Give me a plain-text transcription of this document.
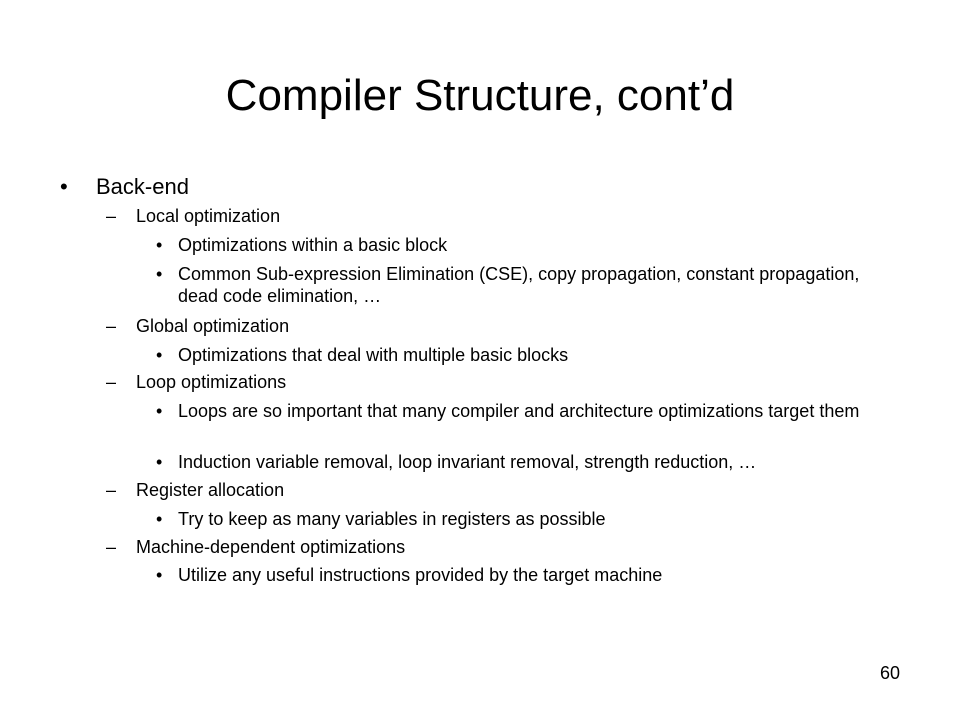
Compiler Structure, cont’d
• Back-end
– Local optimization
• Optimizations within a basic block
• Common Sub-expression Elimination (CSE), copy propagation, constant propagation, dead code elimination, …
– Global optimization
• Optimizations that deal with multiple basic blocks
– Loop optimizations
• Loops are so important that many compiler and architecture optimizations target them
• Induction variable removal, loop invariant removal, strength reduction, …
– Register allocation
• Try to keep as many variables in registers as possible
– Machine-dependent optimizations
• Utilize any useful instructions provided by the target machine
60
